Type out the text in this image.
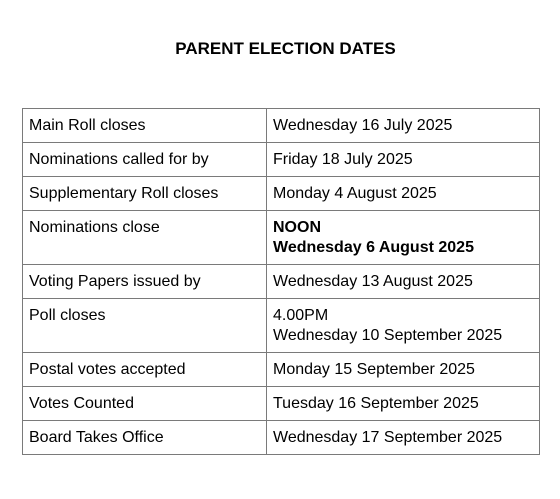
PARENT ELECTION DATES
Main Roll closes	Wednesday 16 July 2025

Nominations called for by	Friday 18 July 2025

Supplementary Roll closes	Monday 4 August 2025

Nominations close	NOON
Wednesday 6 August 2025

Voting Papers issued by	Wednesday 13 August 2025

Poll closes	4.00PM
Wednesday 10 September 2025

Postal votes accepted	Monday 15 September 2025

Votes Counted	Tuesday 16 September 2025

Board Takes Office	Wednesday 17 September 2025
